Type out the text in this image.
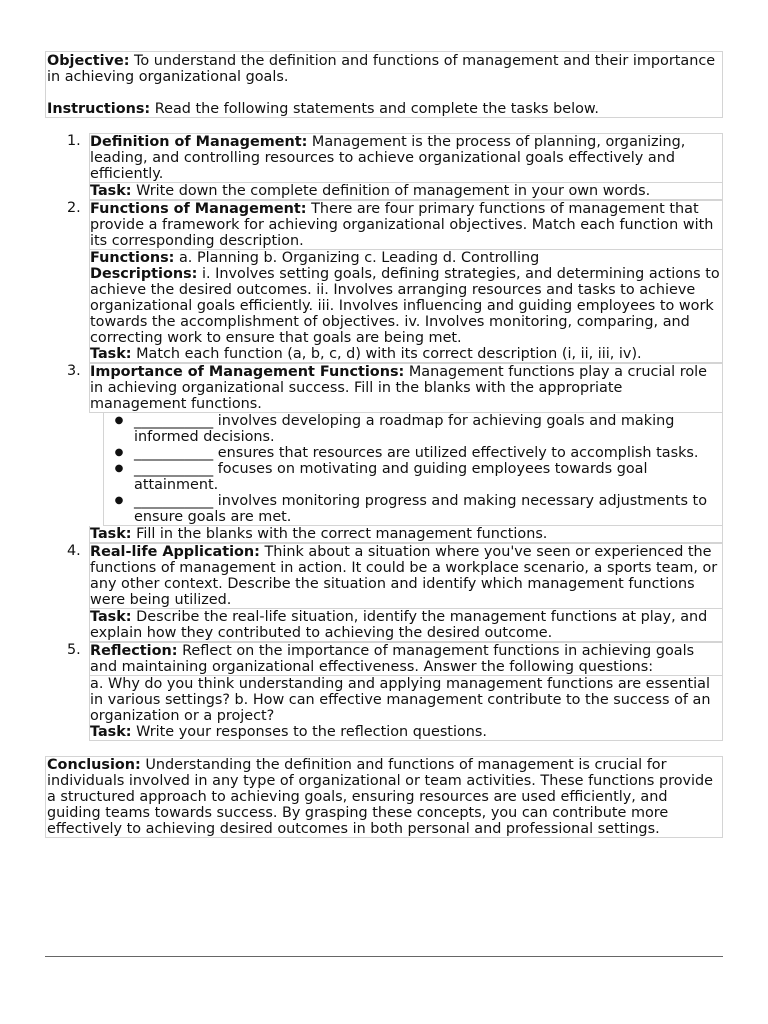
Objective: To understand the definition and functions of management and their importance in achieving organizational goals.
Instructions: Read the following statements and complete the tasks below.
1. Definition of Management: Management is the process of planning, organizing, leading, and controlling resources to achieve organizational goals effectively and efficiently.
Task: Write down the complete definition of management in your own words.
2. Functions of Management: There are four primary functions of management that provide a framework for achieving organizational objectives. Match each function with its corresponding description.
Functions: a. Planning b. Organizing c. Leading d. Controlling
Descriptions: i. Involves setting goals, defining strategies, and determining actions to achieve the desired outcomes. ii. Involves arranging resources and tasks to achieve organizational goals efficiently. iii. Involves influencing and guiding employees to work towards the accomplishment of objectives. iv. Involves monitoring, comparing, and correcting work to ensure that goals are being met.
Task: Match each function (a, b, c, d) with its correct description (i, ii, iii, iv).
3. Importance of Management Functions: Management functions play a crucial role in achieving organizational success. Fill in the blanks with the appropriate management functions.
● ___________ involves developing a roadmap for achieving goals and making informed decisions.
● ___________ ensures that resources are utilized effectively to accomplish tasks.
● ___________ focuses on motivating and guiding employees towards goal attainment.
● ___________ involves monitoring progress and making necessary adjustments to ensure goals are met.
Task: Fill in the blanks with the correct management functions.
4. Real-life Application: Think about a situation where you've seen or experienced the functions of management in action. It could be a workplace scenario, a sports team, or any other context. Describe the situation and identify which management functions were being utilized.
Task: Describe the real-life situation, identify the management functions at play, and explain how they contributed to achieving the desired outcome.
5. Reflection: Reflect on the importance of management functions in achieving goals and maintaining organizational effectiveness. Answer the following questions:
a. Why do you think understanding and applying management functions are essential in various settings? b. How can effective management contribute to the success of an organization or a project?
Task: Write your responses to the reflection questions.
Conclusion: Understanding the definition and functions of management is crucial for individuals involved in any type of organizational or team activities. These functions provide a structured approach to achieving goals, ensuring resources are used efficiently, and guiding teams towards success. By grasping these concepts, you can contribute more effectively to achieving desired outcomes in both personal and professional settings.
